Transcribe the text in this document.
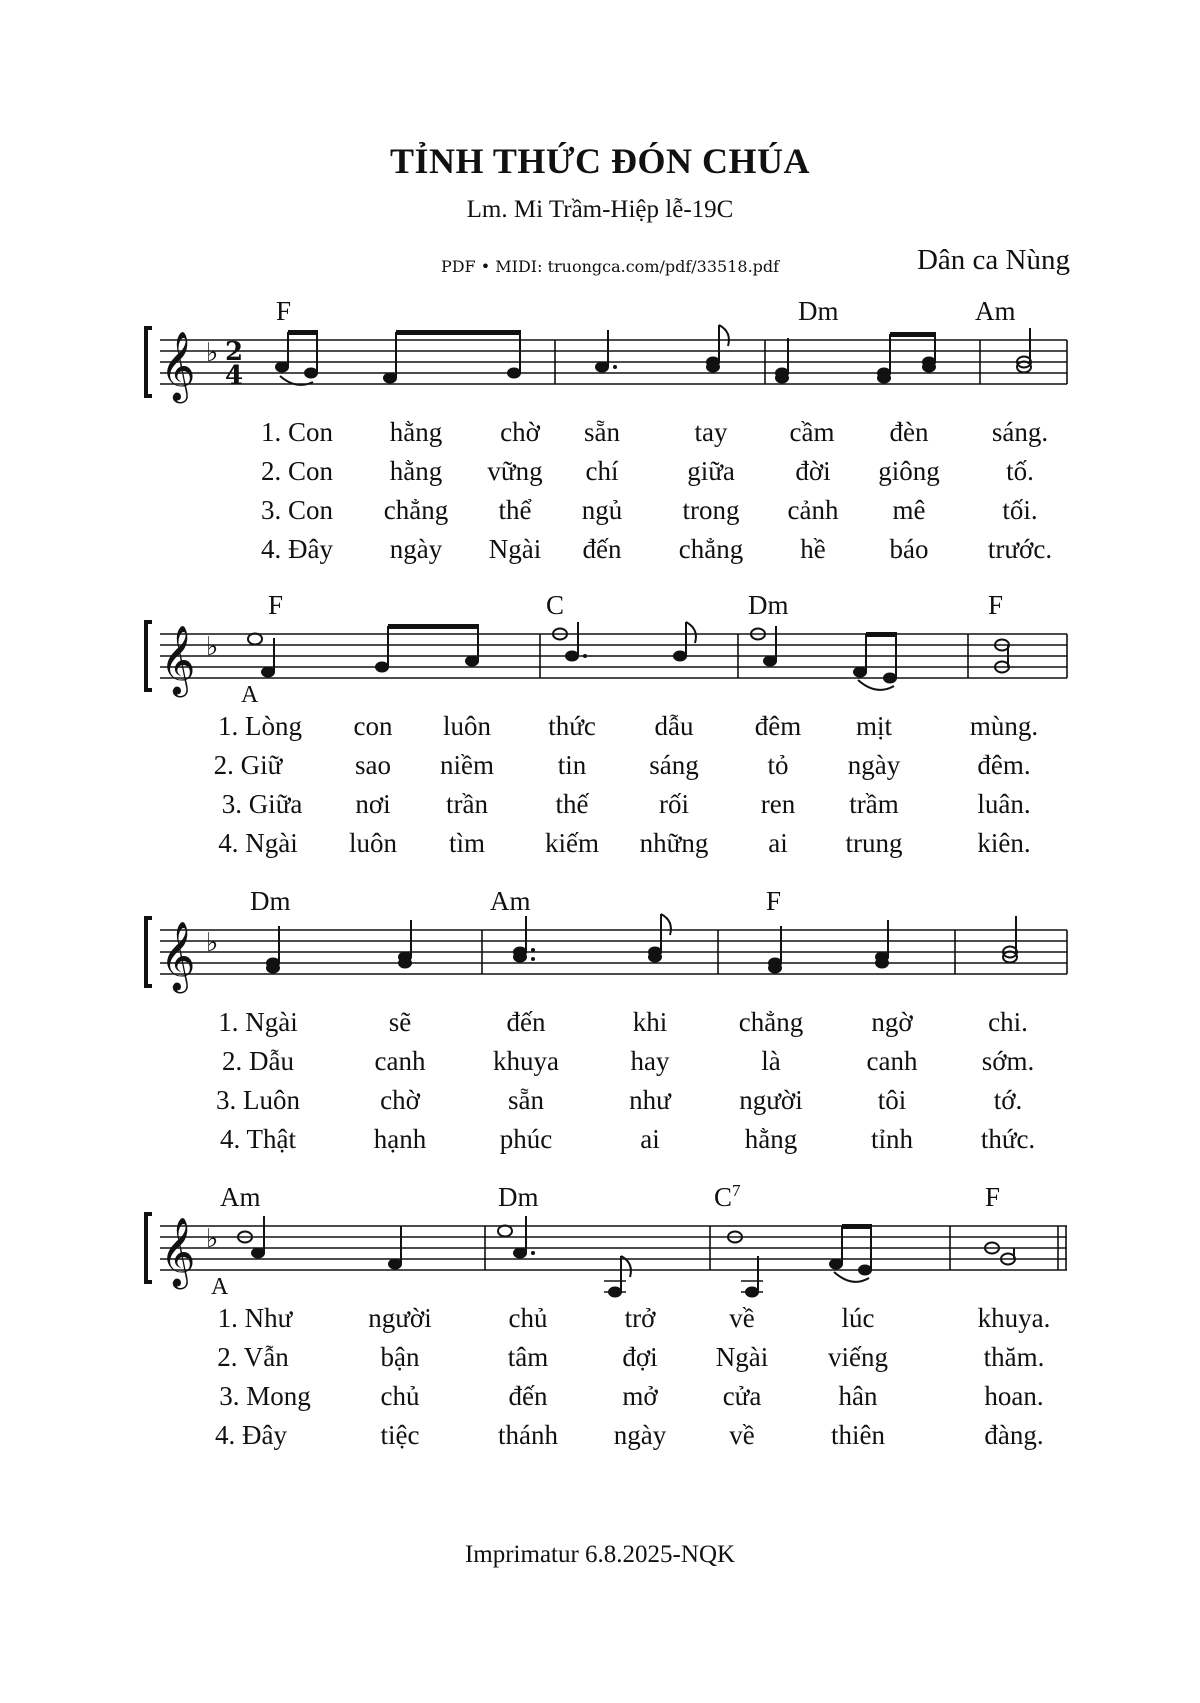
TỈNH THỨC ĐÓN CHÚA
Lm. Mi Trầm-Hiệp lễ-19C
PDF • MIDI: truongca.com/pdf/33518.pdf	Dân ca Nùng
𝄞 ♭ 2
4
F	Dm	Am
1. Con hằng chờ sẵn	tay cầm đèn sáng.
2. Con hằng vững chí	giữa đời giông tố.
3. Con chẳng thể ngủ trong cảnh mê	tối.
4. Đây ngày Ngài đến chẳng hề báo trước.
𝄞 ♭
A
F	C	Dm	F
1. Lòng con luôn thức dẫu đêm mịt	mùng.
2. Giữ	sao niềm tin sáng	tỏ ngày	đêm.
3. Giữa nơi trần	thế	rối	ren trầm	luân.
4. Ngài luôn tìm kiếm những ai trung	kiên.
𝄞 ♭
Dm	Am	F
1. Ngài	sẽ	đến	khi	chẳng	ngờ	chi.
2. Dẫu	canh	khuya	hay	là	canh sớm.
3. Luôn	chờ	sẵn	như	người	tôi	tớ.
4. Thật	hạnh	phúc	ai	hằng	tỉnh	thức.
𝄞 ♭
A
Am	Dm	$C^7$	F
1. Như	người	chủ	trở	về	lúc	khuya.
2. Vẫn	bận	tâm	đợi Ngài viếng	thăm.
3. Mong	chủ	đến	mở cửa	hân	hoan.
4. Đây	tiệc	thánh ngày về	thiên	đàng.
Imprimatur 6.8.2025-NQK
